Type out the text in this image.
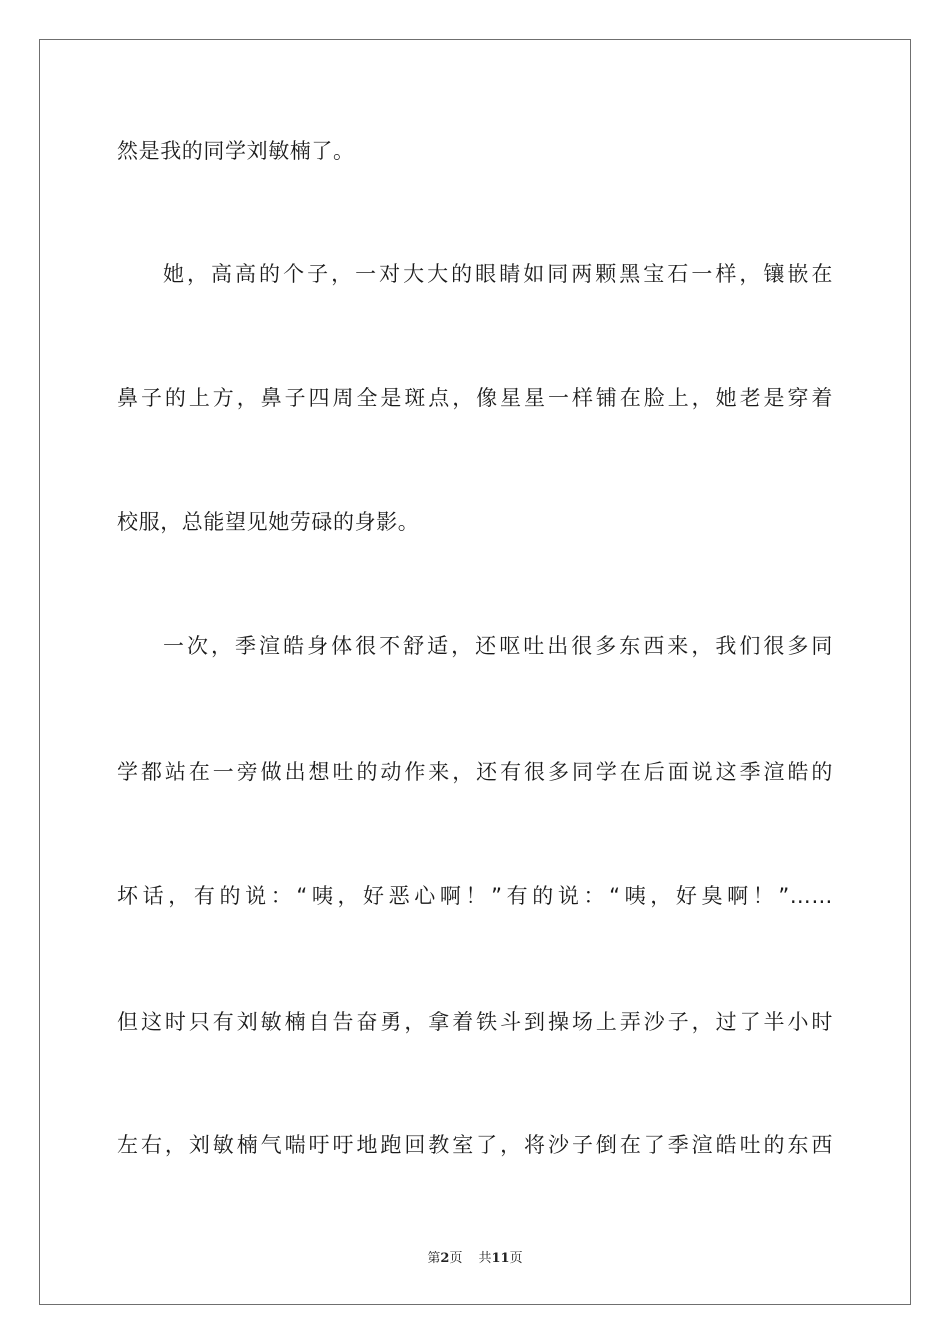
然是我的同学刘敏楠了。
她，高高的个子，一对大大的眼睛如同两颗黑宝石一样，镶嵌在
鼻子的上方，鼻子四周全是斑点，像星星一样铺在脸上，她老是穿着
校服，总能望见她劳碌的身影。
一次，季渲皓身体很不舒适，还呕吐出很多东西来，我们很多同
学都站在一旁做出想吐的动作来，还有很多同学在后面说这季渲皓的
坏话，有的说：“咦，好恶心啊！”有的说：“咦，好臭啊！”……
但这时只有刘敏楠自告奋勇，拿着铁斗到操场上弄沙子，过了半小时
左右，刘敏楠气喘吁吁地跑回教室了，将沙子倒在了季渲皓吐的东西
第2页 共11页
